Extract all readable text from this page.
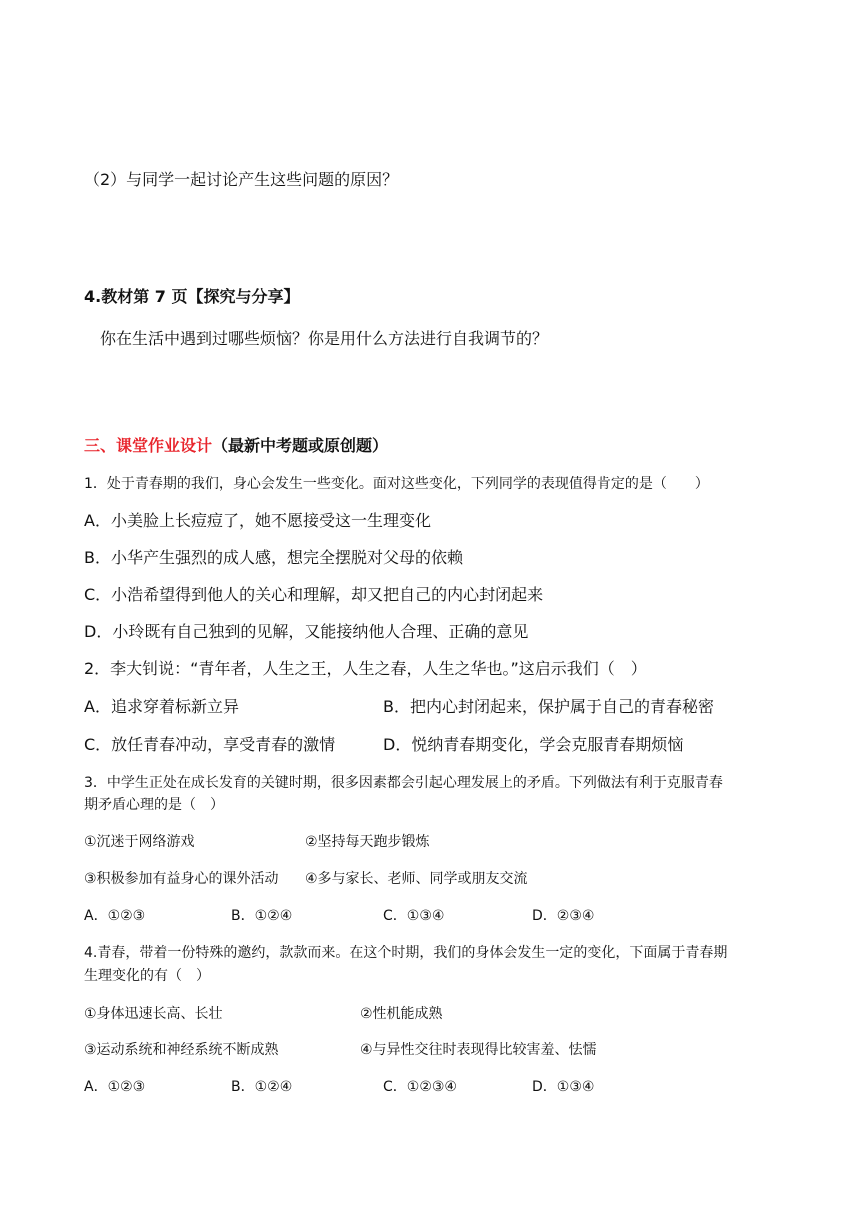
（2）与同学一起讨论产生这些问题的原因？
4.教材第 7 页【探究与分享】
你在生活中遇到过哪些烦恼？你是用什么方法进行自我调节的？
三、课堂作业设计（最新中考题或原创题）
1．处于青春期的我们，身心会发生一些变化。面对这些变化，下列同学的表现值得肯定的是（　　）
A．小美脸上长痘痘了，她不愿接受这一生理变化
B．小华产生强烈的成人感，想完全摆脱对父母的依赖
C．小浩希望得到他人的关心和理解，却又把自己的内心封闭起来
D．小玲既有自己独到的见解，又能接纳他人合理、正确的意见
2．李大钊说：“青年者，人生之王，人生之春，人生之华也。”这启示我们（　）
A．追求穿着标新立异	B．把内心封闭起来，保护属于自己的青春秘密
C．放任青春冲动，享受青春的激情	D．悦纳青春期变化，学会克服青春期烦恼
3．中学生正处在成长发育的关键时期，很多因素都会引起心理发展上的矛盾。下列做法有利于克服青春
期矛盾心理的是（　）
①沉迷于网络游戏	②坚持每天跑步锻炼
③积极参加有益身心的课外活动 ④多与家长、老师、同学或朋友交流
A．①②③	B．①②④	C．①③④	D．②③④
4.青春，带着一份特殊的邀约，款款而来。在这个时期，我们的身体会发生一定的变化，下面属于青春期
生理变化的有（　）
①身体迅速长高、长壮	②性机能成熟
③运动系统和神经系统不断成熟	④与异性交往时表现得比较害羞、怯懦
A．①②③	B．①②④	C．①②③④	D．①③④
